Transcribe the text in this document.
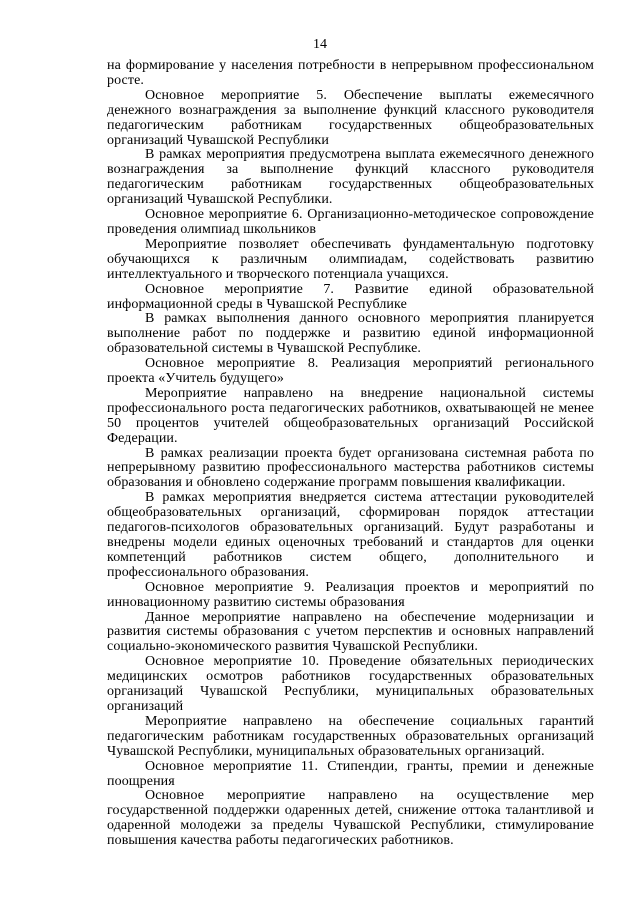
14

на формирование у населения потребности в непрерывном профессиональном росте.

Основное мероприятие 5. Обеспечение выплаты ежемесячного денежного вознаграждения за выполнение функций классного руководителя педагогическим работникам государственных общеобразовательных организаций Чувашской Республики

В рамках мероприятия предусмотрена выплата ежемесячного денежного вознаграждения за выполнение функций классного руководителя педагогическим работникам государственных общеобразовательных организаций Чувашской Республики.

Основное мероприятие 6. Организационно-методическое сопровождение проведения олимпиад школьников

Мероприятие позволяет обеспечивать фундаментальную подготовку обучающихся к различным олимпиадам, содействовать развитию интеллектуального и творческого потенциала учащихся.

Основное мероприятие 7. Развитие единой образовательной информационной среды в Чувашской Республике

В рамках выполнения данного основного мероприятия планируется выполнение работ по поддержке и развитию единой информационной образовательной системы в Чувашской Республике.

Основное мероприятие 8. Реализация мероприятий регионального проекта «Учитель будущего»

Мероприятие направлено на внедрение национальной системы профессионального роста педагогических работников, охватывающей не менее 50 процентов учителей общеобразовательных организаций Российской Федерации.

В рамках реализации проекта будет организована системная работа по непрерывному развитию профессионального мастерства работников системы образования и обновлено содержание программ повышения квалификации.

В рамках мероприятия внедряется система аттестации руководителей общеобразовательных организаций, сформирован порядок аттестации педагогов-психологов образовательных организаций. Будут разработаны и внедрены модели единых оценочных требований и стандартов для оценки компетенций работников систем общего, дополнительного и профессионального образования.

Основное мероприятие 9. Реализация проектов и мероприятий по инновационному развитию системы образования

Данное мероприятие направлено на обеспечение модернизации и развития системы образования с учетом перспектив и основных направлений социально-экономического развития Чувашской Республики.

Основное мероприятие 10. Проведение обязательных периодических медицинских осмотров работников государственных образовательных организаций Чувашской Республики, муниципальных образовательных организаций

Мероприятие направлено на обеспечение социальных гарантий педагогическим работникам государственных образовательных организаций Чувашской Республики, муниципальных образовательных организаций.

Основное мероприятие 11. Стипендии, гранты, премии и денежные поощрения

Основное мероприятие направлено на осуществление мер государственной поддержки одаренных детей, снижение оттока талантливой и одаренной молодежи за пределы Чувашской Республики, стимулирование повышения качества работы педагогических работников.
